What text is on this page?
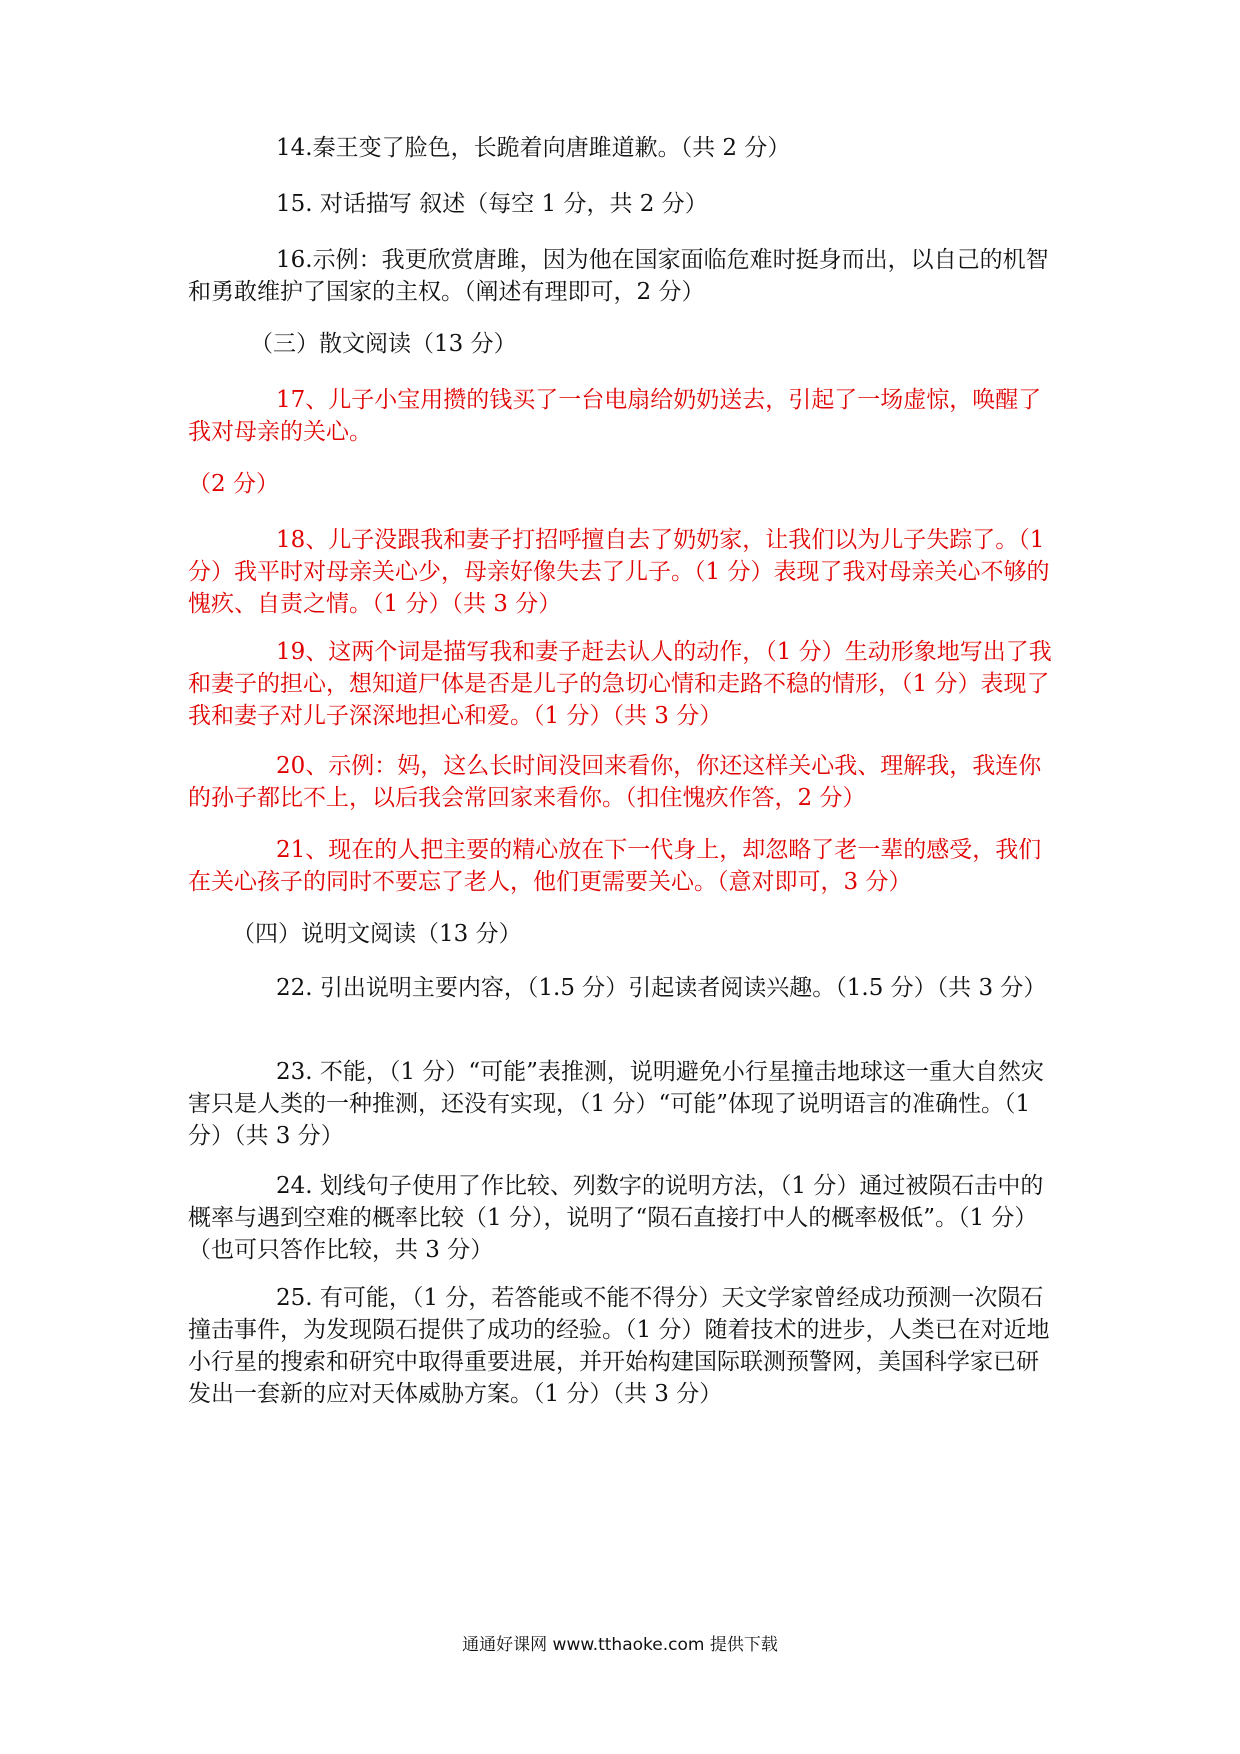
14.秦王变了脸色，长跪着向唐雎道歉。（共 2 分）

15. 对话描写 叙述（每空 1 分，共 2 分）

16.示例：我更欣赏唐雎，因为他在国家面临危难时挺身而出，以自己的机智和勇敢维护了国家的主权。（阐述有理即可，2 分）

（三）散文阅读（13 分）

17、儿子小宝用攒的钱买了一台电扇给奶奶送去，引起了一场虚惊，唤醒了我对母亲的关心。

（2 分）

18、儿子没跟我和妻子打招呼擅自去了奶奶家，让我们以为儿子失踪了。（1 分）我平时对母亲关心少，母亲好像失去了儿子。（1 分）表现了我对母亲关心不够的愧疚、自责之情。（1 分）（共 3 分）

19、这两个词是描写我和妻子赶去认人的动作，（1 分）生动形象地写出了我和妻子的担心，想知道尸体是否是儿子的急切心情和走路不稳的情形，（1 分）表现了我和妻子对儿子深深地担心和爱。（1 分）（共 3 分）

20、示例：妈，这么长时间没回来看你，你还这样关心我、理解我，我连你的孙子都比不上，以后我会常回家来看你。（扣住愧疚作答，2 分）

21、现在的人把主要的精心放在下一代身上，却忽略了老一辈的感受，我们在关心孩子的同时不要忘了老人，他们更需要关心。（意对即可，3 分）

（四）说明文阅读（13 分）

22. 引出说明主要内容，（1.5 分）引起读者阅读兴趣。（1.5 分）（共 3 分）

23. 不能，（1 分）“可能”表推测，说明避免小行星撞击地球这一重大自然灾害只是人类的一种推测，还没有实现，（1 分）“可能”体现了说明语言的准确性。（1 分）（共 3 分）

24. 划线句子使用了作比较、列数字的说明方法，（1 分）通过被陨石击中的概率与遇到空难的概率比较（1 分），说明了“陨石直接打中人的概率极低”。（1 分）（也可只答作比较，共 3 分）

25. 有可能，（1 分，若答能或不能不得分）天文学家曾经成功预测一次陨石撞击事件，为发现陨石提供了成功的经验。（1 分）随着技术的进步，人类已在对近地小行星的搜索和研究中取得重要进展，并开始构建国际联测预警网，美国科学家已研发出一套新的应对天体威胁方案。（1 分）（共 3 分）

通通好课网 www.tthaoke.com 提供下载
